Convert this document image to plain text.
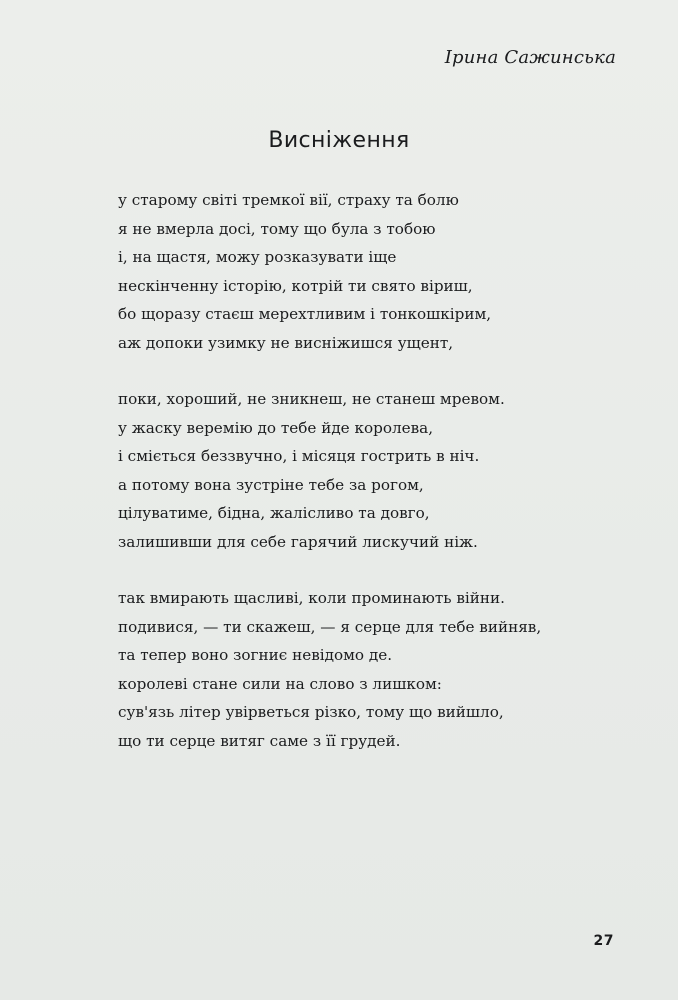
Ірина Сажинська
Висніження
у старому світі тремкої вії, страху та болю
я не вмерла досі, тому що була з тобою
і, на щастя, можу розказувати іще
нескінченну історію, котрій ти свято віриш,
бо щоразу стаєш мерехтливим і тонкошкірим,
аж допоки узимку не висніжишся ущент,
поки, хороший, не зникнеш, не станеш мревом.
у жаску веремію до тебе йде королева,
і сміється беззвучно, і місяця гострить в ніч.
а потому вона зустріне тебе за рогом,
цілуватиме, бідна, жалісливо та довго,
залишивши для себе гарячий лискучий ніж.
так вмирають щасливі, коли проминають війни.
подивися, — ти скажеш, — я серце для тебе вийняв,
та тепер воно зогниє невідомо де.
королеві стане сили на слово з лишком:
сув'язь літер увірветься різко, тому що вийшло,
що ти серце витяг саме з її грудей.
27
